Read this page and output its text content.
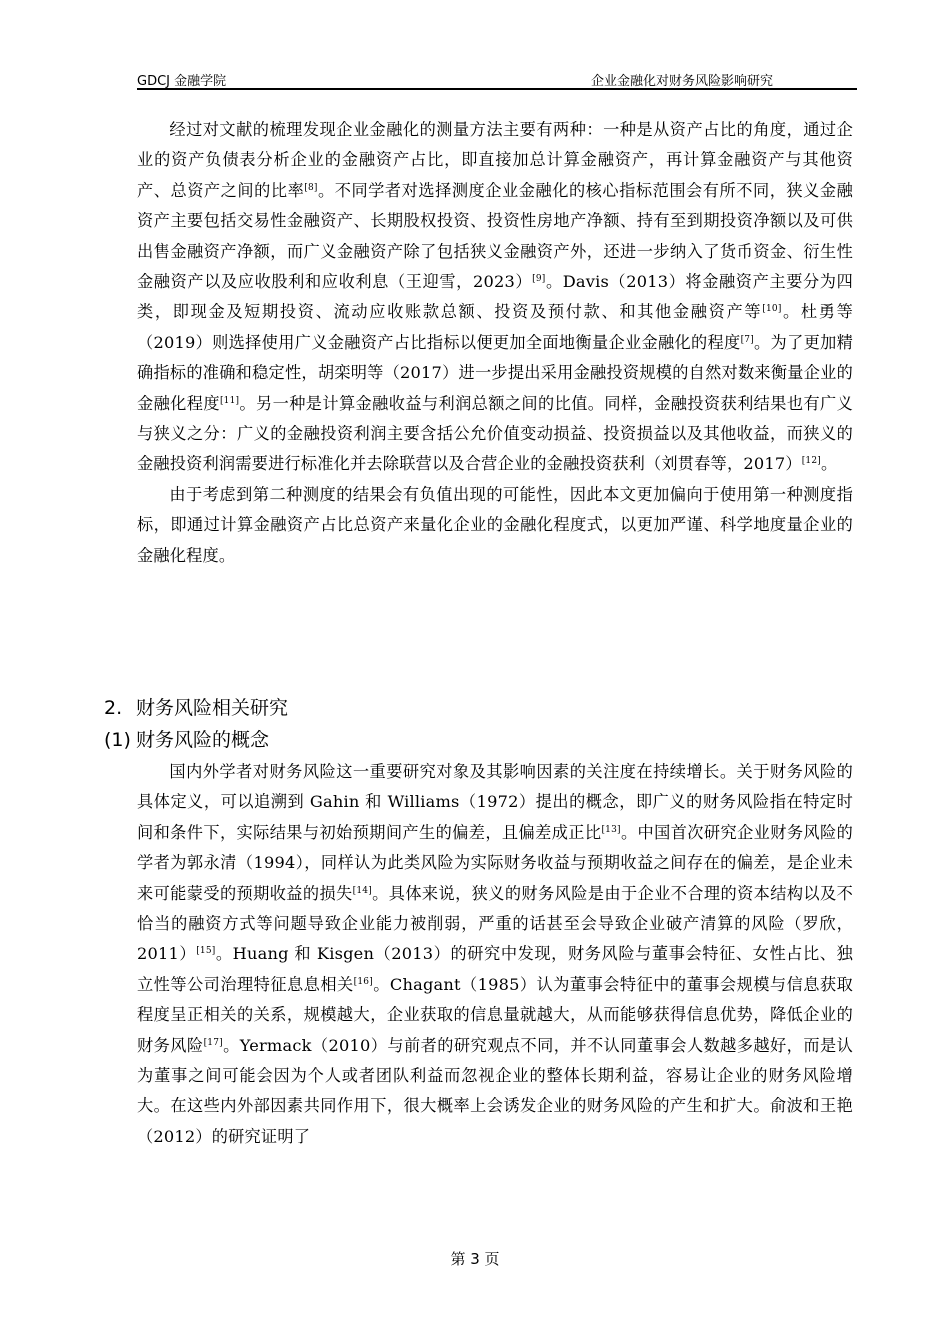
GDCJ 金融学院	企业金融化对财务风险影响研究

经过对文献的梳理发现企业金融化的测量方法主要有两种：一种是从资产占比的角度，通过企业的资产负债表分析企业的金融资产占比，即直接加总计算金融资产，再计算金融资产与其他资产、总资产之间的比率[8]。不同学者对选择测度企业金融化的核心指标范围会有所不同，狭义金融资产主要包括交易性金融资产、长期股权投资、投资性房地产净额、持有至到期投资净额以及可供出售金融资产净额，而广义金融资产除了包括狭义金融资产外，还进一步纳入了货币资金、衍生性金融资产以及应收股利和应收利息（王迎雪，2023）[9]。Davis（2013）将金融资产主要分为四类，即现金及短期投资、流动应收账款总额、投资及预付款、和其他金融资产等[10]。杜勇等（2019）则选择使用广义金融资产占比指标以便更加全面地衡量企业金融化的程度[7]。为了更加精确指标的准确和稳定性，胡栾明等（2017）进一步提出采用金融投资规模的自然对数来衡量企业的金融化程度[11]。另一种是计算金融收益与利润总额之间的比值。同样，金融投资获利结果也有广义与狭义之分：广义的金融投资利润主要含括公允价值变动损益、投资损益以及其他收益，而狭义的金融投资利润需要进行标准化并去除联营以及合营企业的金融投资获利（刘贯春等，2017）[12]。

由于考虑到第二种测度的结果会有负值出现的可能性，因此本文更加偏向于使用第一种测度指标，即通过计算金融资产占比总资产来量化企业的金融化程度式，以更加严谨、科学地度量企业的金融化程度。

2. 财务风险相关研究
(1) 财务风险的概念

国内外学者对财务风险这一重要研究对象及其影响因素的关注度在持续增长。关于财务风险的具体定义，可以追溯到 Gahin 和 Williams（1972）提出的概念，即广义的财务风险指在特定时间和条件下，实际结果与初始预期间产生的偏差，且偏差成正比[13]。中国首次研究企业财务风险的学者为郭永清（1994），同样认为此类风险为实际财务收益与预期收益之间存在的偏差，是企业未来可能蒙受的预期收益的损失[14]。具体来说，狭义的财务风险是由于企业不合理的资本结构以及不恰当的融资方式等问题导致企业能力被削弱，严重的话甚至会导致企业破产清算的风险（罗欣，2011）[15]。Huang 和 Kisgen（2013）的研究中发现，财务风险与董事会特征、女性占比、独立性等公司治理特征息息相关[16]。Chagant（1985）认为董事会特征中的董事会规模与信息获取程度呈正相关的关系，规模越大，企业获取的信息量就越大，从而能够获得信息优势，降低企业的财务风险[17]。Yermack（2010）与前者的研究观点不同，并不认同董事会人数越多越好，而是认为董事之间可能会因为个人或者团队利益而忽视企业的整体长期利益，容易让企业的财务风险增大。在这些内外部因素共同作用下，很大概率上会诱发企业的财务风险的产生和扩大。俞波和王艳（2012）的研究证明了

第 3 页
